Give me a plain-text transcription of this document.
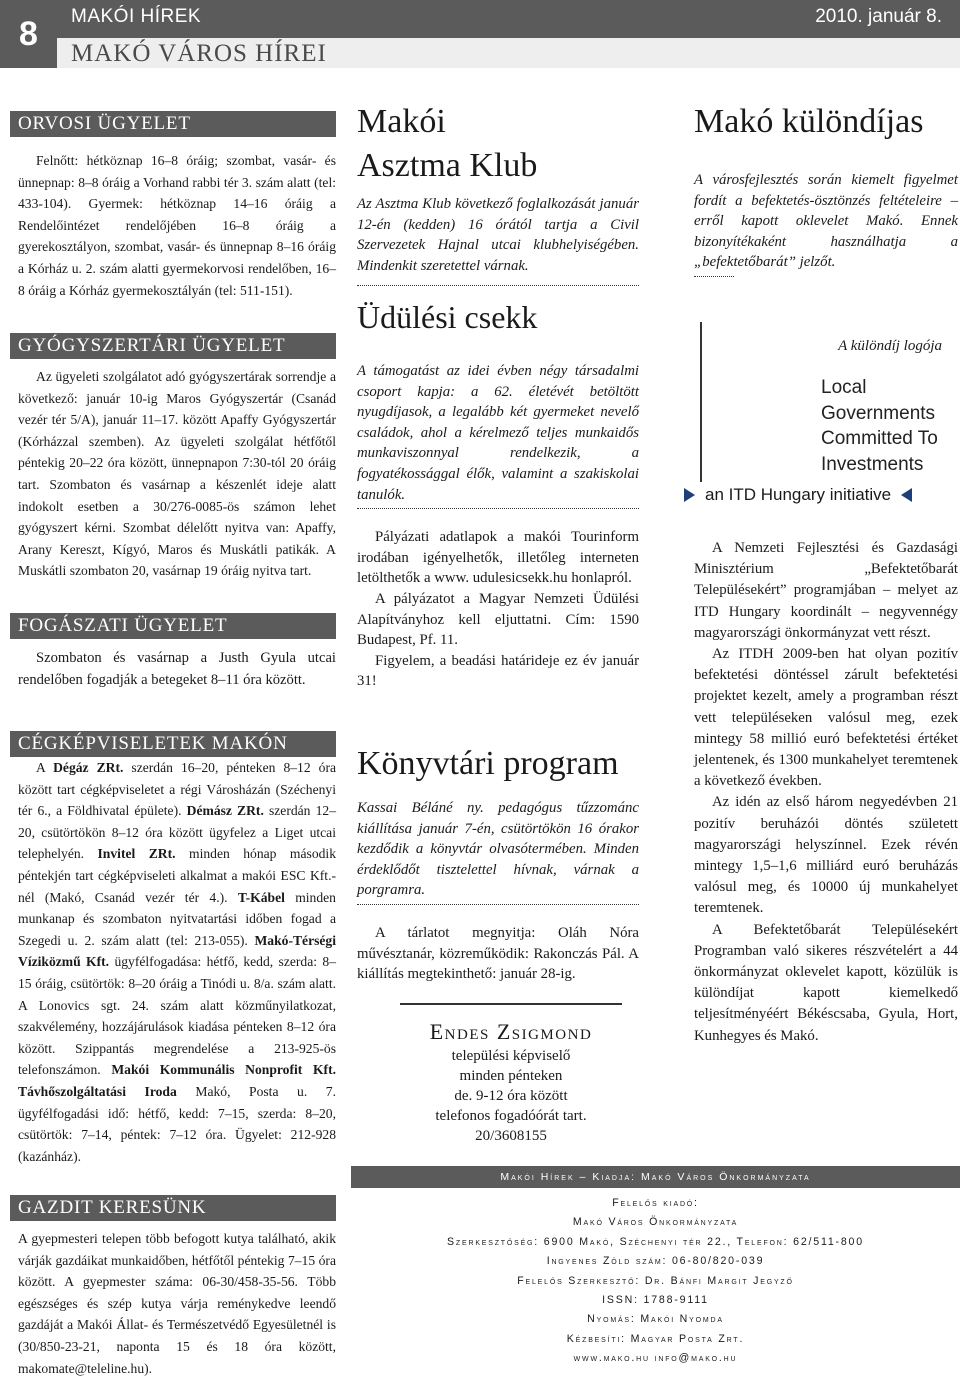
8	MAKÓI HÍREK	2010. január 8.
MAKÓ VÁROS HÍREI
ORVOSI ÜGYELET

Felnőtt: hétköznap 16–8 óráig; szombat, vasár- és ünnepnap: 8–8 óráig a Vorhand rabbi tér 3. szám alatt (tel: 433-104). Gyermek: hétköznap 14–16 óráig a Rendelőintézet rendelőjében 16–8 óráig a gyerekosztályon, szombat, vasár- és ünnepnap 8–16 óráig a Kórház u. 2. szám alatti gyermekorvosi rendelőben, 16–8 óráig a Kórház gyermekosztályán (tel: 511-151).

GYÓGYSZERTÁRI ÜGYELET

Az ügyeleti szolgálatot adó gyógyszertárak sorrendje a következő: január 10-ig Maros Gyógyszertár (Csanád vezér tér 5/A), január 11–17. között Apaffy Gyógyszertár (Kórházzal szemben). Az ügyeleti szolgálat hétfőtől péntekig 20–22 óra között, ünnepnapon 7:30-tól 20 óráig tart. Szombaton és vasárnap a készenlét ideje alatt indokolt esetben a 30/276-0085-ös számon lehet gyógyszert kérni. Szombat délelőtt nyitva van: Apaffy, Arany Kereszt, Kígyó, Maros és Muskátli patikák. A Muskátli szombaton 20, vasárnap 19 óráig nyitva tart.

FOGÁSZATI ÜGYELET

Szombaton és vasárnap a Justh Gyula utcai rendelőben fogadják a betegeket 8–11 óra között.

CÉGKÉPVISELETEK MAKÓN

A Dégáz ZRt. szerdán 16–20, pénteken 8–12 óra között tart cégképviseletet a régi Városházán (Széchenyi tér 6., a Földhivatal épülete). Démász ZRt. szerdán 12–20, csütörtökön 8–12 óra között ügyfelez a Liget utcai telephelyén. Invitel ZRt. minden hónap második péntekjén tart cégképviseleti alkalmat a makói ESC Kft.-nél (Makó, Csanád vezér tér 4.). T-Kábel minden munkanap és szombaton nyitvatartási időben fogad a Szegedi u. 2. szám alatt (tel: 213-055). Makó-Térségi Víziközmű Kft. ügyfélfogadása: hétfő, kedd, szerda: 8–15 óráig, csütörtök: 8–20 óráig a Tinódi u. 8/a. szám alatt. A Lonovics sgt. 24. szám alatt közműnyilatkozat, szakvélemény, hozzájárulások kiadása pénteken 8–12 óra között. Szippantás megrendelése a 213-925-ös telefonszámon. Makói Kommunális Nonprofit Kft. Távhőszolgáltatási Iroda Makó, Posta u. 7. ügyfélfogadási idő: hétfő, kedd: 7–15, szerda: 8–20, csütörtök: 7–14, péntek: 7–12 óra. Ügyelet: 212-928 (kazánház).

GAZDIT KERESÜNK

A gyepmesteri telepen több befogott kutya található, akik várják gazdáikat munkaidőben, hétfőtől péntekig 7–15 óra között. A gyepmester száma: 06-30/458-35-56. Több egészséges és szép kutya várja reménykedve leendő gazdáját a Makói Állat- és Természetvédő Egyesületnél is (30/850-23-21, naponta 15 és 18 óra között, makomate@teleline.hu).

Makói
Asztma Klub
Az Asztma Klub következő foglalkozását január 12-én (kedden) 16 órától tartja a Civil Szervezetek Hajnal utcai klubhelyiségében. Mindenkit szeretettel várnak.
Üdülési csekk
A támogatást az idei évben négy társadalmi csoport kapja: a 62. életévét betöltött nyugdíjasok, a legalább két gyermeket nevelő családok, ahol a kérelmező teljes munkaidős munkaviszonnyal rendelkezik, a fogyatékossággal élők, valamint a szakiskolai tanulók.

Pályázati adatlapok a makói Tourinform irodában igényelhetők, illetőleg interneten letölthetők a www. udulesicsekk.hu honlapról.

A pályázatot a Magyar Nemzeti Üdülési Alapítványhoz kell eljuttatni. Cím: 1590 Budapest, Pf. 11.

Figyelem, a beadási határideje ez év január 31!

Könyvtári program
Kassai Béláné ny. pedagógus tűzzománc kiállítása január 7-én, csütörtökön 16 órakor kezdődik a könyvtár olvasótermében. Minden érdeklődőt tisztelettel hívnak, várnak a porgramra.

A tárlatot megnyitja: Oláh Nóra művésztanár, közreműködik: Rakonczás Pál. A kiállítás megtekinthető: január 28-ig.

Endes Zsigmond
települési képviselő
minden pénteken
de. 9-12 óra között
telefonos fogadóórát tart.
20/3608155
Makó különdíjas
A városfejlesztés során kiemelt figyelmet fordít a befektetés-ösztönzés feltételeire – erről kapott oklevelet Makó. Ennek bizonyítékaként használhatja a „befektetőbarát” jelzőt.
A különdíj logója
Local
Governments
Committed To
Investments
an ITD Hungary initiative

A Nemzeti Fejlesztési és Gazdasági Minisztérium „Befektetőbarát Településekért” programjában – melyet az ITD Hungary koordinált – negyvennégy magyarországi önkormányzat vett részt.

Az ITDH 2009-ben hat olyan pozitív befektetési döntéssel zárult befektetési projektet kezelt, amely a programban részt vett településeken valósul meg, ezek mintegy 58 millió euró befektetési értéket jelentenek, és 1300 munkahelyet teremtenek a következő években.

Az idén az első három negyedévben 21 pozitív beruházói döntés született magyarországi helyszínnel. Ezek révén mintegy 1,5–1,6 milliárd euró beruházás valósul meg, és 10000 új munkahelyet teremtenek.

A Befektetőbarát Településekért Programban való sikeres részvételért a 44 önkormányzat oklevelet kapott, közülük is különdíjat kapott kiemelkedő teljesítményéért Békéscsaba, Gyula, Hort, Kunhegyes és Makó.

Makói Hírek – Kiadja: Makó Város Önkormányzata
Felelős kiadó:
Makó Város Önkormányzata
Szerkesztőség: 6900 Makó, Széchenyi tér 22., Telefon: 62/511-800
Ingyenes Zöld szám: 06-80/820-039
Felelős Szerkesztő: Dr. Bánfi Margit Jegyző
ISSN: 1788-9111
Nyomás: Makói Nyomda
Kézbesíti: Magyar Posta Zrt.
www.mako.hu info@mako.hu
